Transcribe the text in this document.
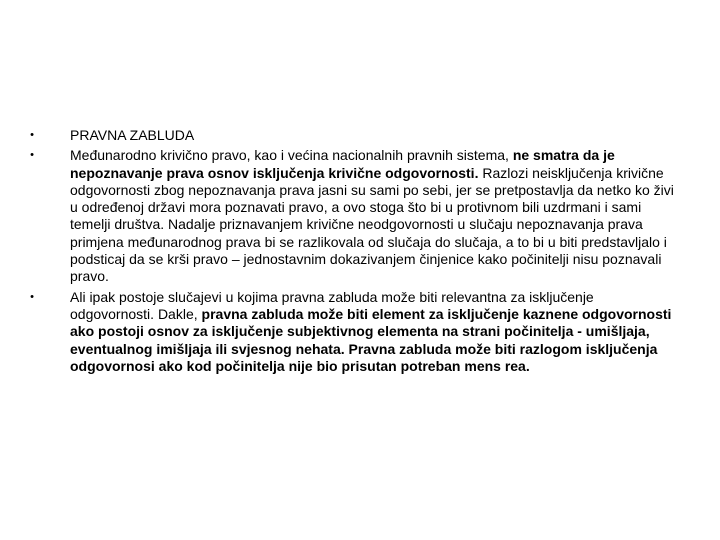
•	PRAVNA ZABLUDA
•	Međunarodno krivično pravo, kao i većina nacionalnih pravnih sistema, ne smatra da je nepoznavanje prava osnov isključenja krivične odgovornosti. Razlozi neisključenja krivične odgovornosti zbog nepoznavanja prava jasni su sami po sebi, jer se pretpostavlja da netko ko živi u određenoj državi mora poznavati pravo, a ovo stoga što bi u protivnom bili uzdrmani i sami temelji društva. Nadalje priznavanjem krivične neodgovornosti u slučaju nepoznavanja prava primjena međunarodnog prava bi se razlikovala od slučaja do slučaja, a to bi u biti predstavljalo i podsticaj da se krši pravo – jednostavnim dokazivanjem činjenice kako počinitelji nisu poznavali pravo.
•	Ali ipak postoje slučajevi u kojima pravna zabluda može biti relevantna za isključenje odgovornosti. Dakle, pravna zabluda može biti element za isključenje kaznene odgovornosti ako postoji osnov za isključenje subjektivnog elementa na strani počinitelja - umišljaja, eventualnog imišljaja ili svjesnog nehata. Pravna zabluda može biti razlogom isključenja odgovornosi ako kod počinitelja nije bio prisutan potreban mens rea.
